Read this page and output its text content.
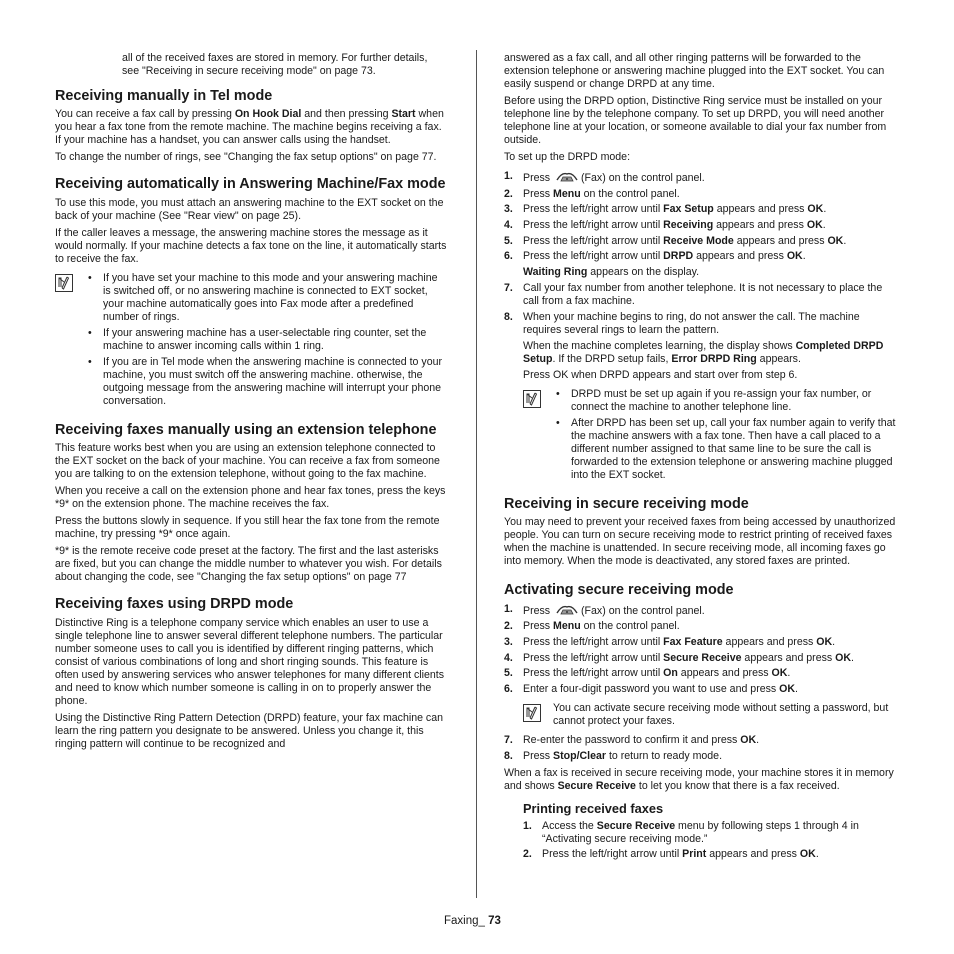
all of the received faxes are stored in memory. For further details, see "Receiving in secure receiving mode" on page 73.

Receiving manually in Tel mode

You can receive a fax call by pressing On Hook Dial and then pressing Start when you hear a fax tone from the remote machine. The machine begins receiving a fax. If your machine has a handset, you can answer calls using the handset.

To change the number of rings, see "Changing the fax setup options" on page 77.

Receiving automatically in Answering Machine/Fax mode

To use this mode, you must attach an answering machine to the EXT socket on the back of your machine (See "Rear view" on page 25).

If the caller leaves a message, the answering machine stores the message as it would normally. If your machine detects a fax tone on the line, it automatically starts to receive the fax.

• If you have set your machine to this mode and your answering machine is switched off, or no answering machine is connected to EXT socket, your machine automatically goes into Fax mode after a predefined number of rings.
• If your answering machine has a user-selectable ring counter, set the machine to answer incoming calls within 1 ring.
• If you are in Tel mode when the answering machine is connected to your machine, you must switch off the answering machine. otherwise, the outgoing message from the answering machine will interrupt your phone conversation.
Receiving faxes manually using an extension telephone

This feature works best when you are using an extension telephone connected to the EXT socket on the back of your machine. You can receive a fax from someone you are talking to on the extension telephone, without going to the fax machine.

When you receive a call on the extension phone and hear fax tones, press the keys *9* on the extension phone. The machine receives the fax.

Press the buttons slowly in sequence. If you still hear the fax tone from the remote machine, try pressing *9* once again.

*9* is the remote receive code preset at the factory. The first and the last asterisks are fixed, but you can change the middle number to whatever you wish. For details about changing the code, see "Changing the fax setup options" on page 77

Receiving faxes using DRPD mode

Distinctive Ring is a telephone company service which enables an user to use a single telephone line to answer several different telephone numbers. The particular number someone uses to call you is identified by different ringing patterns, which consist of various combinations of long and short ringing sounds. This feature is often used by answering services who answer telephones for many different clients and need to know which number someone is calling in on to properly answer the phone.

Using the Distinctive Ring Pattern Detection (DRPD) feature, your fax machine can learn the ring pattern you designate to be answered. Unless you change it, this ringing pattern will continue to be recognized and

answered as a fax call, and all other ringing patterns will be forwarded to the extension telephone or answering machine plugged into the EXT socket. You can easily suspend or change DRPD at any time.

Before using the DRPD option, Distinctive Ring service must be installed on your telephone line by the telephone company. To set up DRPD, you will need another telephone line at your location, or someone available to dial your fax number from outside.

To set up the DRPD mode:

1. Press	(Fax) on the control panel.
2. Press Menu on the control panel.
3. Press the left/right arrow until Fax Setup appears and press OK.
4. Press the left/right arrow until Receiving appears and press OK.
5. Press the left/right arrow until Receive Mode appears and press OK.
6. Press the left/right arrow until DRPD appears and press OK.
Waiting Ring appears on the display.
7. Call your fax number from another telephone. It is not necessary to place the call from a fax machine.
8. When your machine begins to ring, do not answer the call. The machine requires several rings to learn the pattern.
When the machine completes learning, the display shows Completed DRPD Setup. If the DRPD setup fails, Error DRPD Ring appears.
Press OK when DRPD appears and start over from step 6.
• DRPD must be set up again if you re-assign your fax number, or connect the machine to another telephone line.
• After DRPD has been set up, call your fax number again to verify that the machine answers with a fax tone. Then have a call placed to a different number assigned to that same line to be sure the call is forwarded to the extension telephone or answering machine plugged into the EXT socket.
Receiving in secure receiving mode

You may need to prevent your received faxes from being accessed by unauthorized people. You can turn on secure receiving mode to restrict printing of received faxes when the machine is unattended. In secure receiving mode, all incoming faxes go into memory. When the mode is deactivated, any stored faxes are printed.

Activating secure receiving mode
1. Press	(Fax) on the control panel.
2. Press Menu on the control panel.
3. Press the left/right arrow until Fax Feature appears and press OK.
4. Press the left/right arrow until Secure Receive appears and press OK.
5. Press the left/right arrow until On appears and press OK.
6. Enter a four-digit password you want to use and press OK.

You can activate secure receiving mode without setting a password, but cannot protect your faxes.

7. Re-enter the password to confirm it and press OK.
8. Press Stop/Clear to return to ready mode.

When a fax is received in secure receiving mode, your machine stores it in memory and shows Secure Receive to let you know that there is a fax received.

Printing received faxes
1. Access the Secure Receive menu by following steps 1 through 4 in “Activating secure receiving mode.”
2. Press the left/right arrow until Print appears and press OK.
Faxing_ 73
